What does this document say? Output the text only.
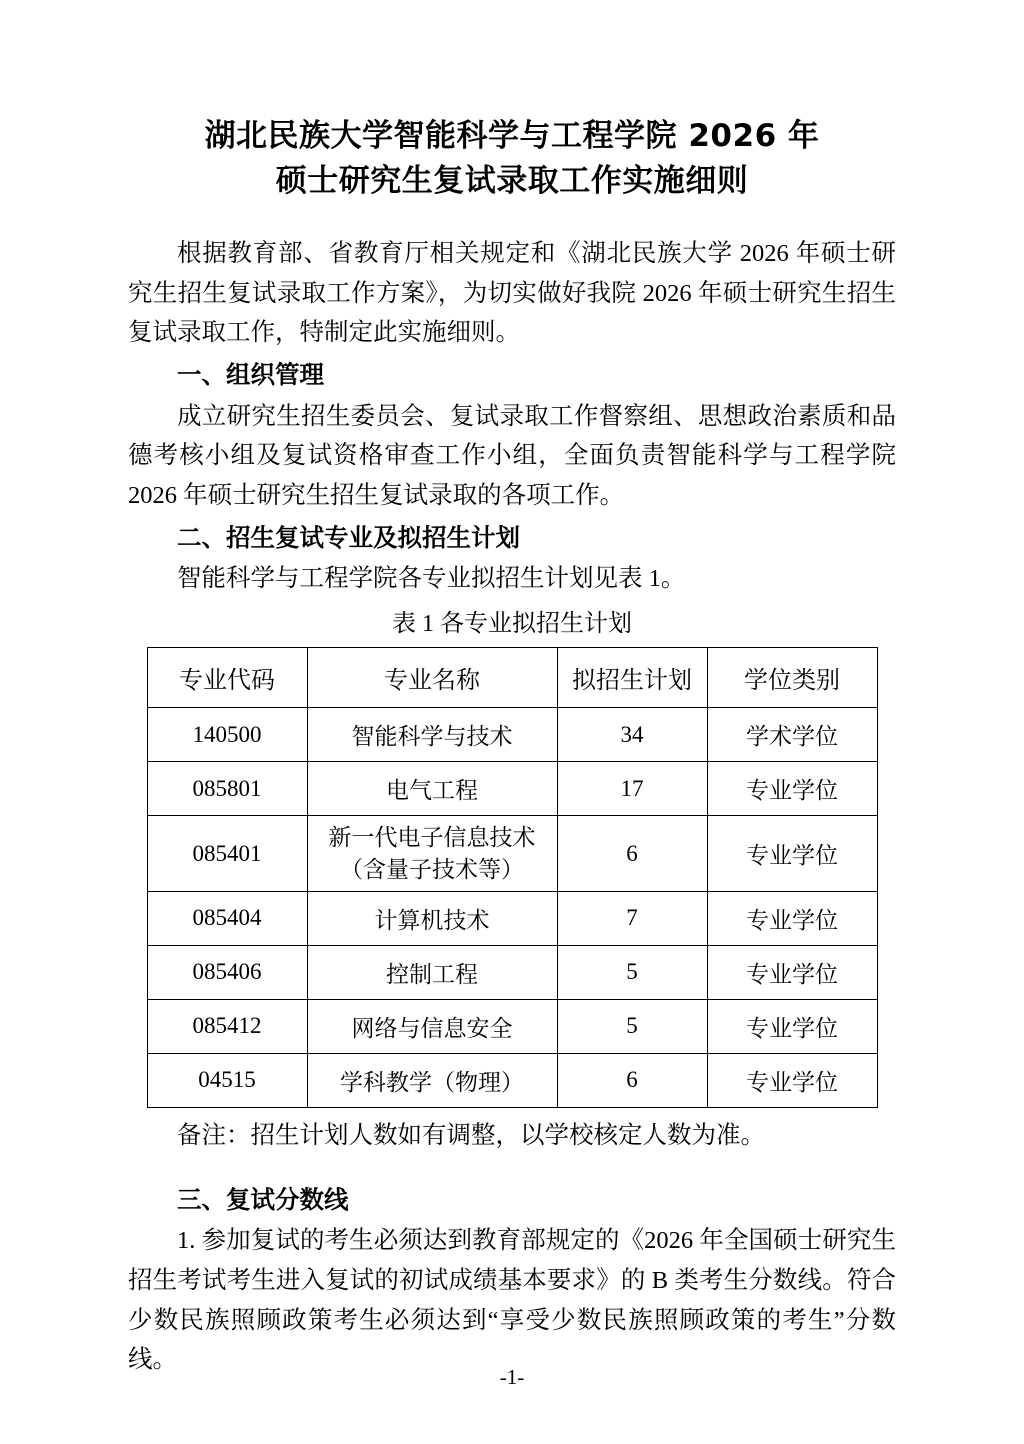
湖北民族大学智能科学与工程学院 2026 年
硕士研究生复试录取工作实施细则

根据教育部、省教育厅相关规定和《湖北民族大学 2026 年硕士研究生招生复试录取工作方案》，为切实做好我院 2026 年硕士研究生招生复试录取工作，特制定此实施细则。

一、组织管理

成立研究生招生委员会、复试录取工作督察组、思想政治素质和品德考核小组及复试资格审查工作小组，全面负责智能科学与工程学院 2026 年硕士研究生招生复试录取的各项工作。

二、招生复试专业及拟招生计划

智能科学与工程学院各专业拟招生计划见表 1。

表 1 各专业拟招生计划

专业代码	专业名称	拟招生计划	学位类别
140500	智能科学与技术	34	学术学位
085801	电气工程	17	专业学位
085401	新一代电子信息技术
（含量子技术等）	6	专业学位
085404	计算机技术	7	专业学位
085406	控制工程	5	专业学位
085412	网络与信息安全	5	专业学位
04515	学科教学（物理）	6	专业学位

备注：招生计划人数如有调整，以学校核定人数为准。

三、复试分数线

1. 参加复试的考生必须达到教育部规定的《2026 年全国硕士研究生招生考试考生进入复试的初试成绩基本要求》的 B 类考生分数线。符合少数民族照顾政策考生必须达到“享受少数民族照顾政策的考生”分数线。

-1-
